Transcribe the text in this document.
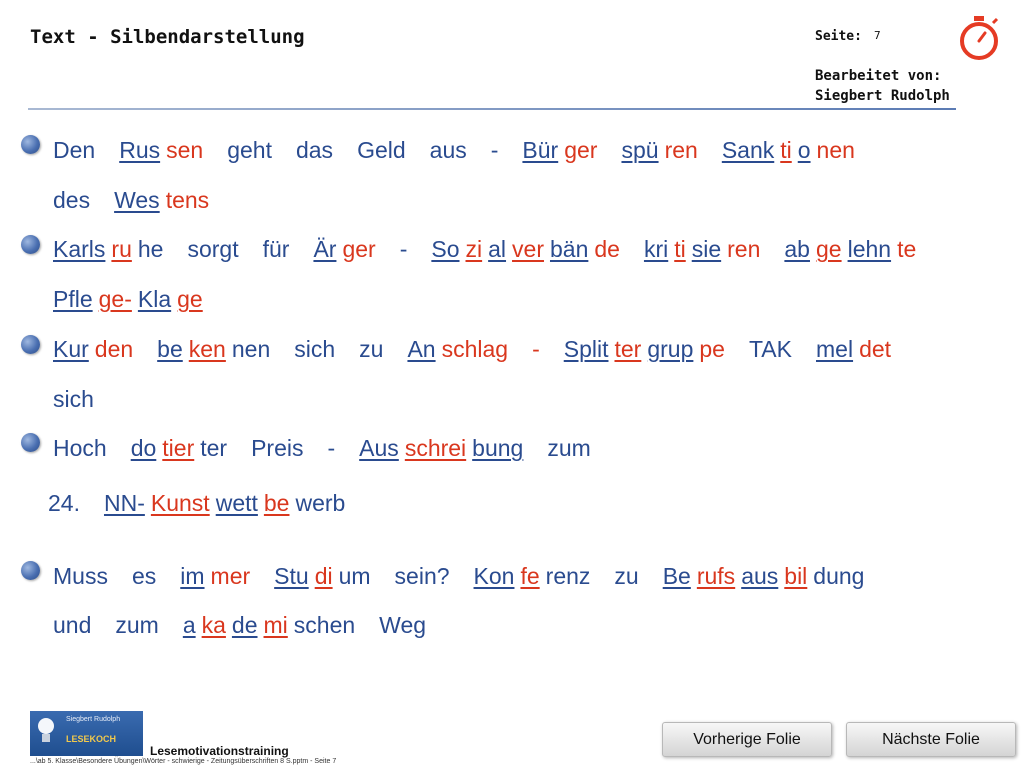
Text - Silbendarstellung	Seite: 7
Bearbeitet von:
Siegbert Rudolph
Den Rus sen geht das Geld aus - Bür ger spü ren Sank ti o nen
des Wes tens
Karls ru he sorgt für Är ger - So zi al ver bän de kri ti sie ren ab ge lehn te
Pfle ge- Kla ge
Kur den be ken nen sich zu An schlag - Split ter grup pe TAK mel det
sich
Hoch do tier ter Preis - Aus schrei bung zum
24. NN- Kunst wett be werb
Muss es im mer Stu di um sein? Kon fe renz zu Be rufs aus bil dung
und zum a ka de mi schen Weg
Siegbert Rudolph
LESEKOCH
Lesemotivationstraining
...\ab 5. Klasse\Besondere Übungen\Wörter - schwierige - Zeitungsüberschriften 8 S.pptm - Seite 7
Vorherige Folie	Nächste Folie
